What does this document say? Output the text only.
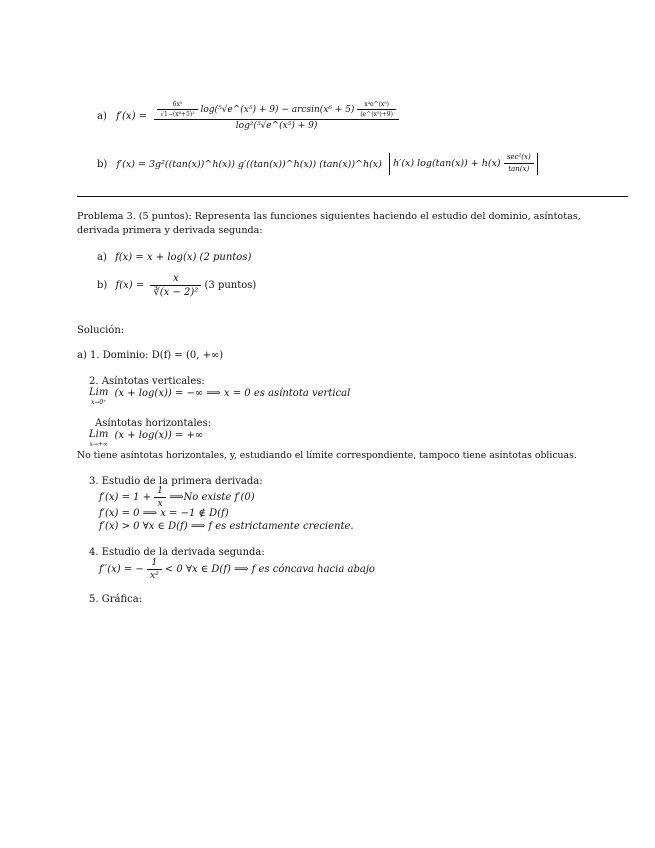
a) $f'(x) = \frac{\text{6x⁵}}{\text{√1−(x⁶+5)²}}$ log(⁵√e^(x⁵) + $9) - \arcsin(x^6 + 5) \frac{\text{x⁴e\textasciicircum{}(x⁵)}}{\text{(e\textasciicircum{}(x⁵)+9)}}$
log²(⁵√e^(x⁵) + 9)
b) f′(x) = 3g²((tan(x))^h(x)) g′((tan(x))^h(x)) (tan(x))^h(x) h′(x) $\log(\tan(x)) + h(x) \frac{\text{sec²(x)}}{\tan(x)}$
Problema 3. (5 puntos): Representa las funciones siguientes haciendo el estudio del dominio, asíntotas,
derivada primera y derivada segunda:
a) f(x) = x + log(x) (2 puntos)
b) $f(x) = \frac{x}{\text{∛(x − 2)²}} (3$ puntos)
Solución:
a) 1. Dominio: D(f) = (0, +∞)
2. Asíntotas verticales:
Lim
x→0⁺ (x + log(x)) = −∞ ⟹ x = 0 es asíntota vertical
Asíntotas horizontales:
Lim
x→+∞ (x + log(x)) = +∞
No tiene asíntotas horizontales, y, estudiando el límite correspondiente, tampoco tiene asíntotas oblicuas.
3. Estudio de la primera derivada:
$f'(x) = 1 + \frac{1}{x}$ ⟹No existe f′(0)
f′(x) = 0 ⟹ x = −1 ∉ D(f)
f′(x) > 0 ∀x ∈ D(f) ⟹ f es estrictamente creciente.
4. Estudio de la derivada segunda:
f′′(x) = − $\frac{1}{\text{x²}} < 0$ ∀x ∈ D(f) ⟹ f es cóncava hacia abajo
5. Gráfica:
